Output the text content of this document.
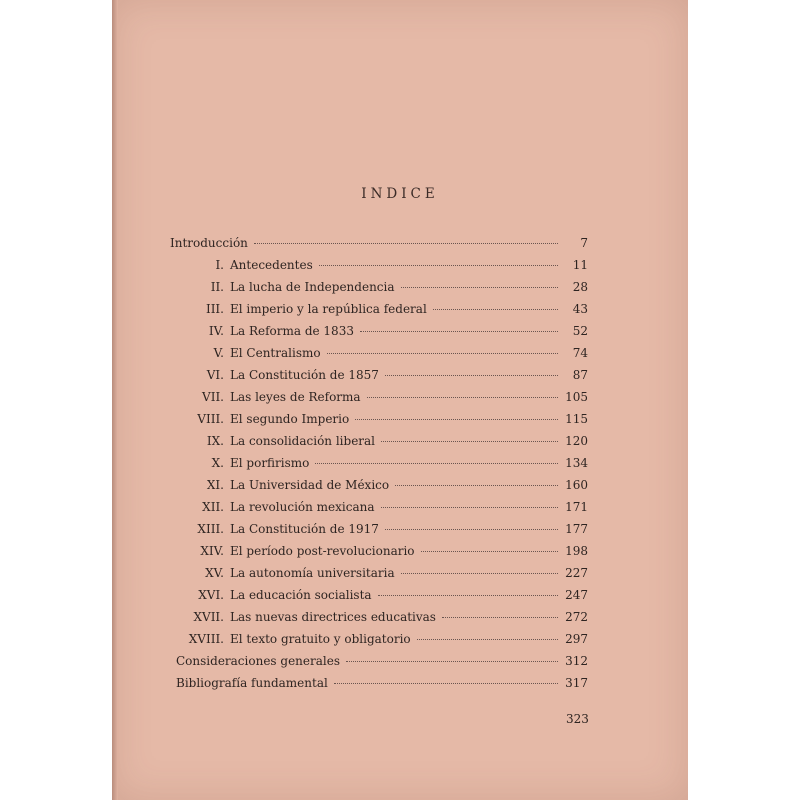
INDICE
Introducción	7
I. Antecedentes	11
II. La lucha de Independencia	28
III. El imperio y la república federal	43
IV. La Reforma de 1833	52
V. El Centralismo	74
VI. La Constitución de 1857	87
VII. Las leyes de Reforma	105
VIII. El segundo Imperio	115
IX. La consolidación liberal	120
X. El porfirismo	134
XI. La Universidad de México	160
XII. La revolución mexicana	171
XIII. La Constitución de 1917	177
XIV. El período post-revolucionario	198
XV. La autonomía universitaria	227
XVI. La educación socialista	247
XVII. Las nuevas directrices educativas	272
XVIII. El texto gratuito y obligatorio	297
Consideraciones generales	312
Bibliografía fundamental	317
323
